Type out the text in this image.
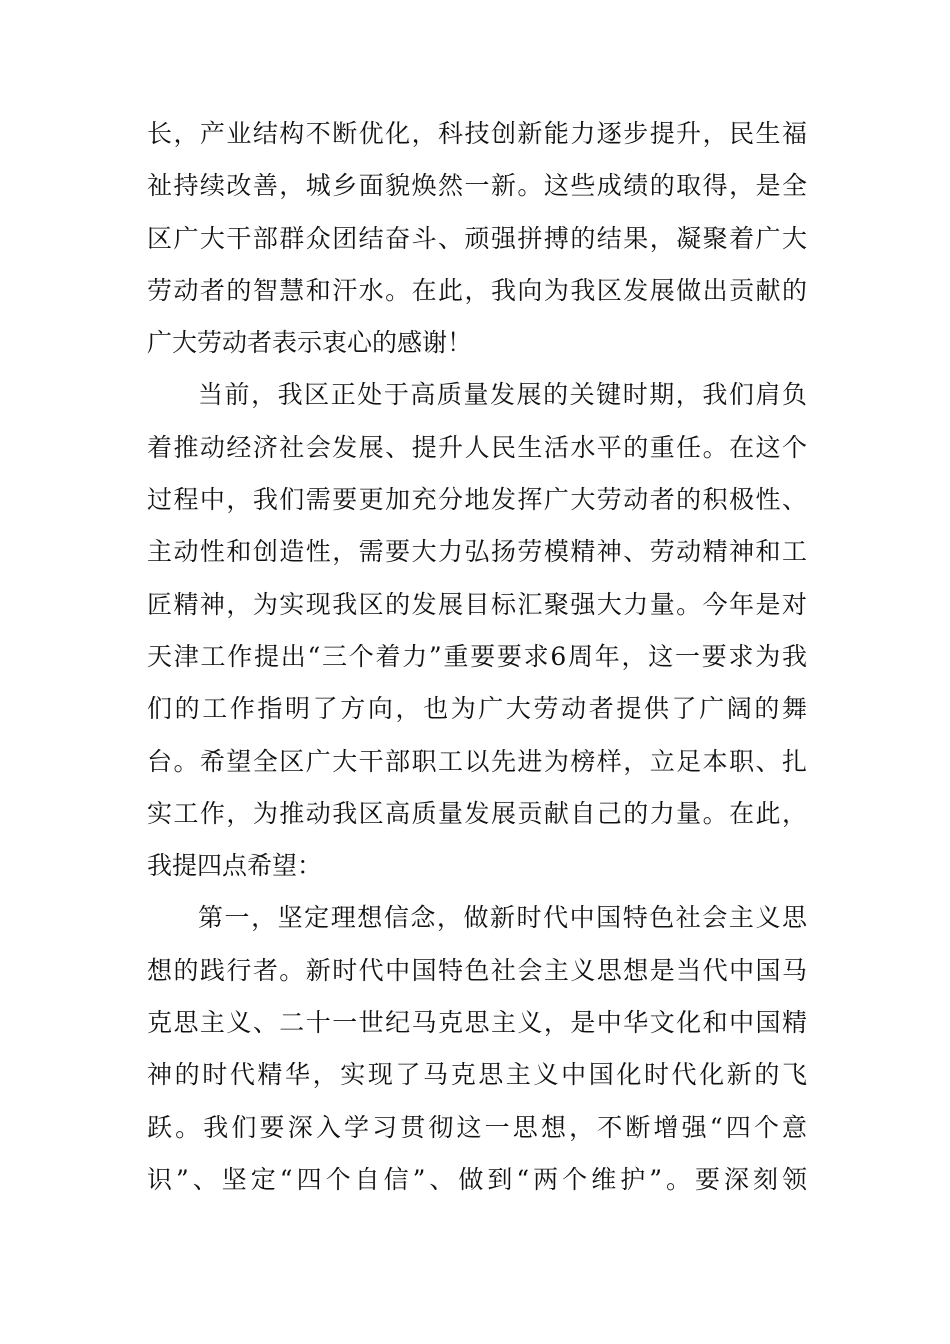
长，产业结构不断优化，科技创新能力逐步提升，民生福
祉持续改善，城乡面貌焕然一新。这些成绩的取得，是全
区广大干部群众团结奋斗、顽强拼搏的结果，凝聚着广大
劳动者的智慧和汗水。在此，我向为我区发展做出贡献的
广大劳动者表示衷心的感谢！
当前，我区正处于高质量发展的关键时期，我们肩负
着推动经济社会发展、提升人民生活水平的重任。在这个
过程中，我们需要更加充分地发挥广大劳动者的积极性、
主动性和创造性，需要大力弘扬劳模精神、劳动精神和工
匠精神，为实现我区的发展目标汇聚强大力量。今年是对
天津工作提出“三个着力”重要要求6周年，这一要求为我
们的工作指明了方向，也为广大劳动者提供了广阔的舞
台。希望全区广大干部职工以先进为榜样，立足本职、扎
实工作，为推动我区高质量发展贡献自己的力量。在此，
我提四点希望：
第一，坚定理想信念，做新时代中国特色社会主义思
想的践行者。新时代中国特色社会主义思想是当代中国马
克思主义、二十一世纪马克思主义，是中华文化和中国精
神的时代精华，实现了马克思主义中国化时代化新的飞
跃。我们要深入学习贯彻这一思想，不断增强“四个意
识”、坚定“四个自信”、做到“两个维护”。要深刻领
